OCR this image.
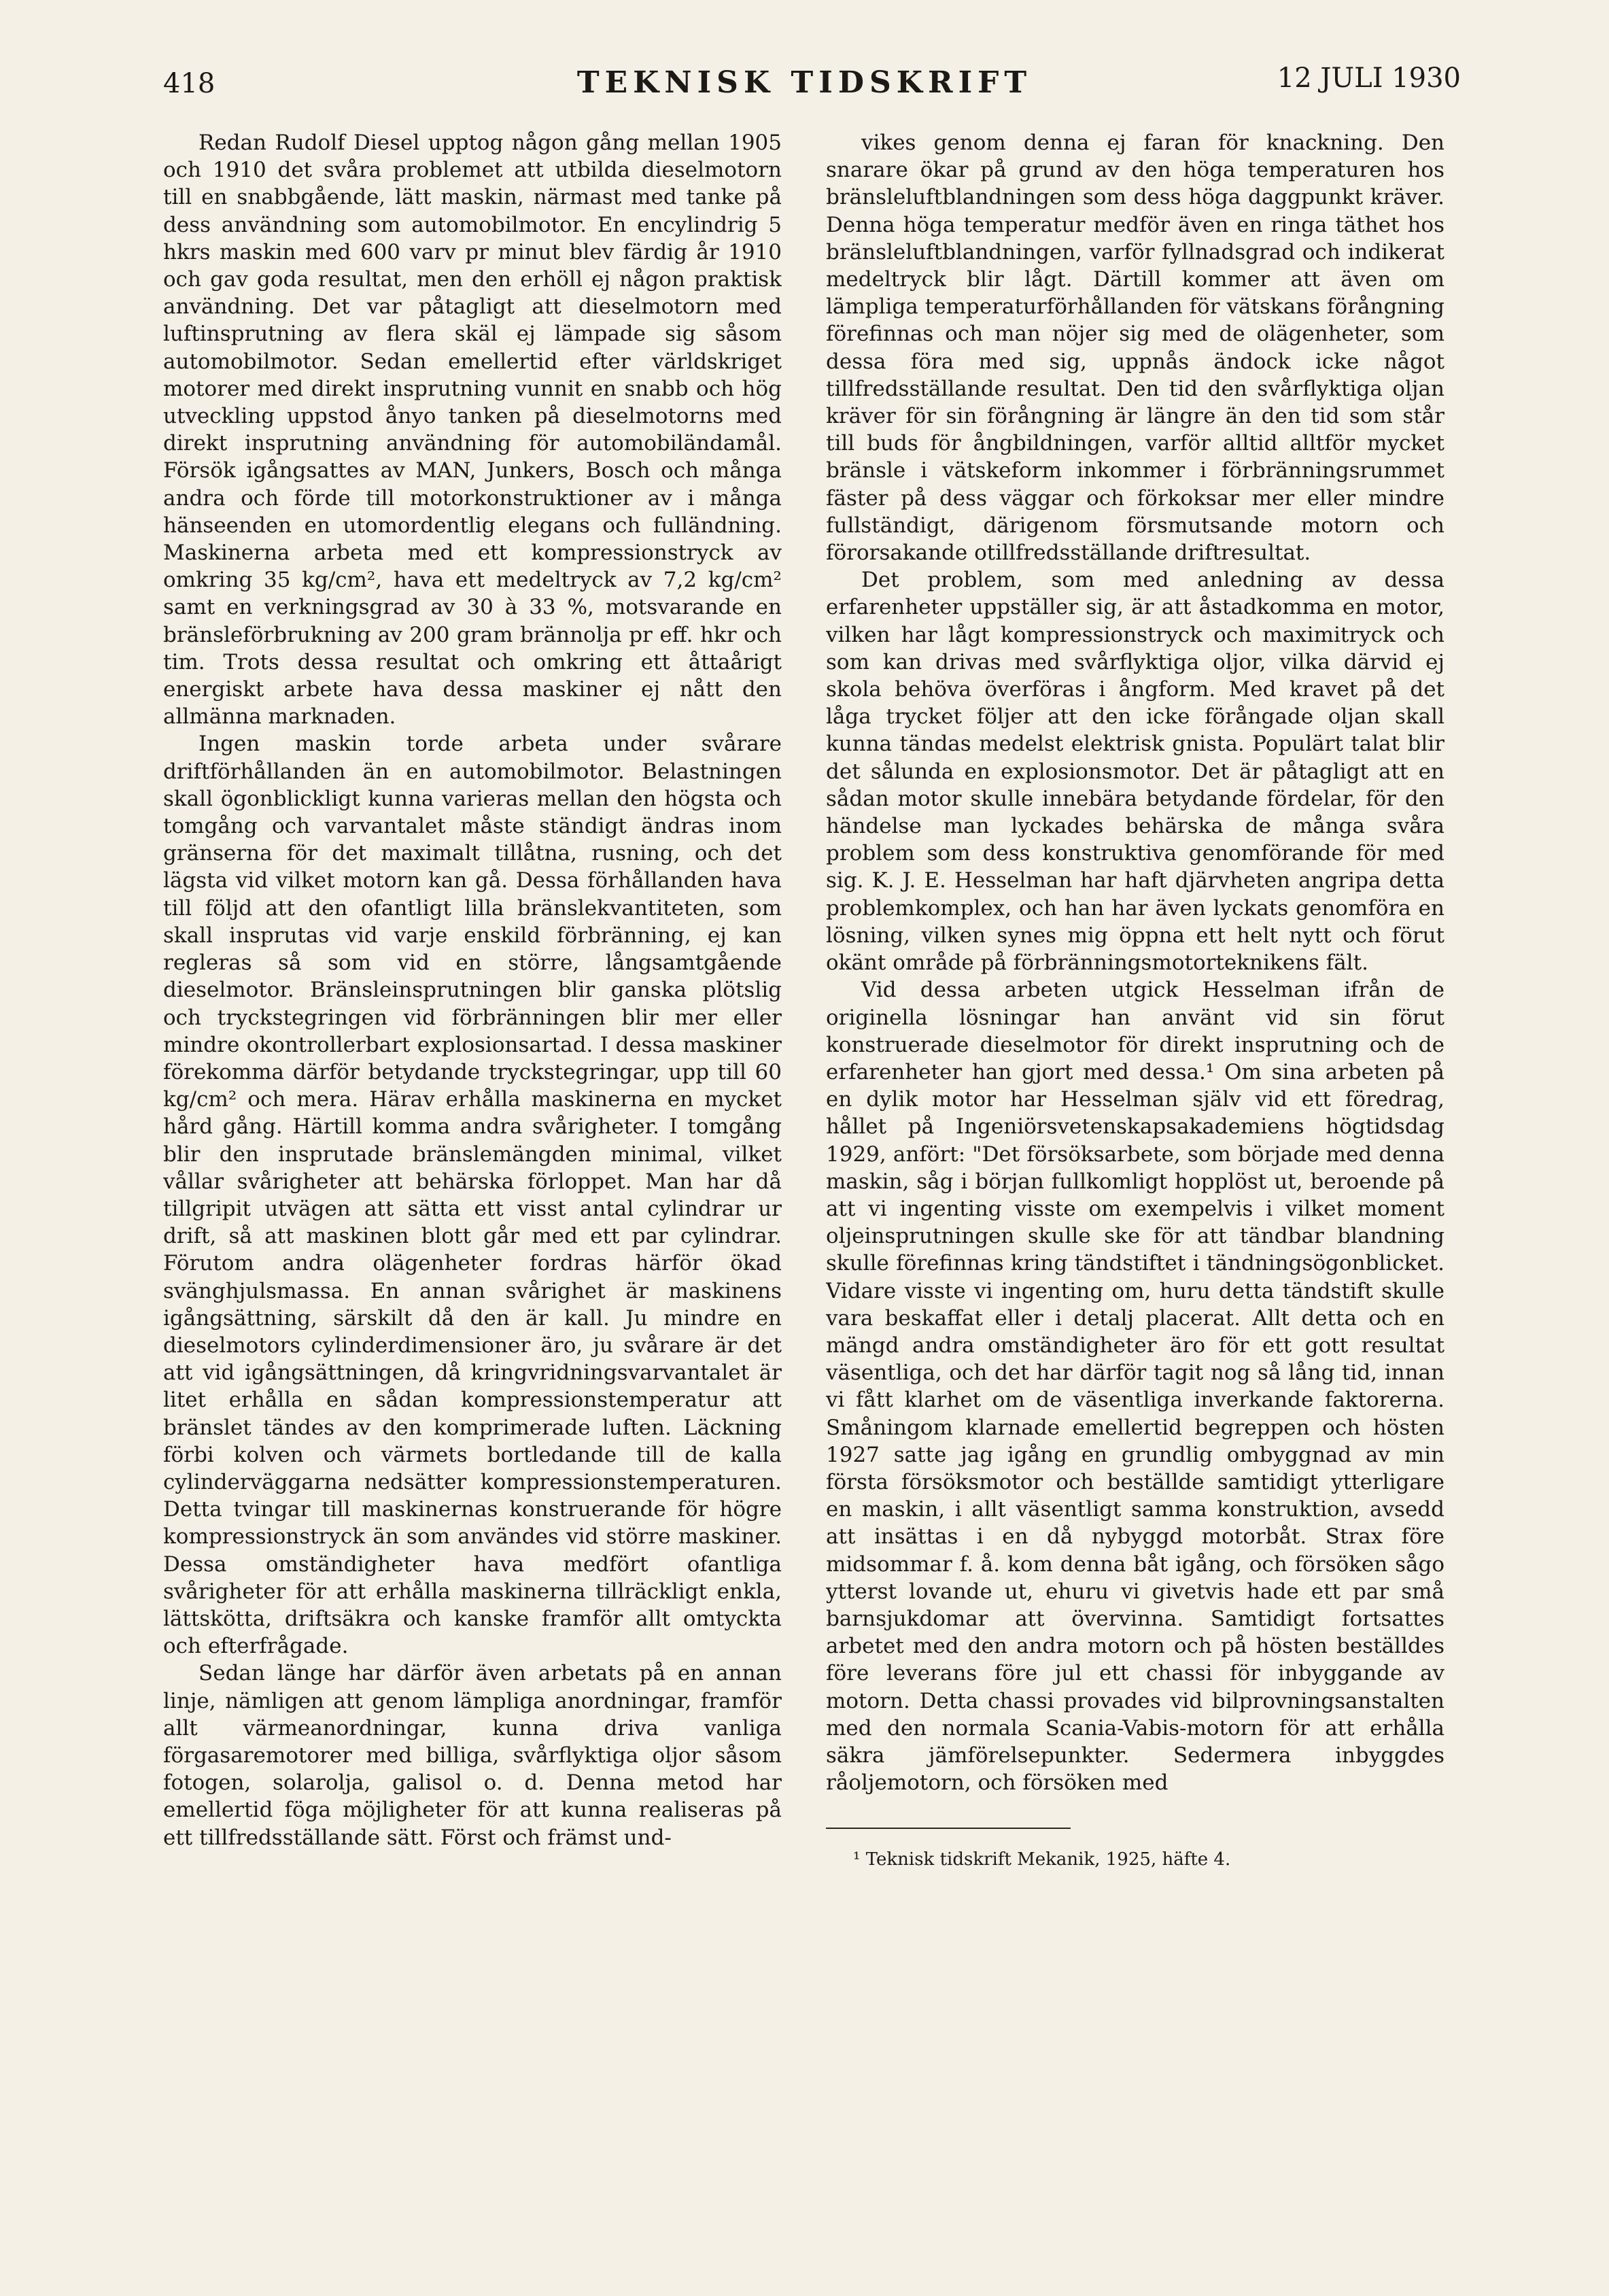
418	TEKNISK TIDSKRIFT	12 JULI 1930

Redan Rudolf Diesel upptog någon gång mellan 1905 och 1910 det svåra problemet att utbilda dieselmotorn till en snabbgående, lätt maskin, närmast med tanke på dess användning som automobilmotor. En encylindrig 5 hkrs maskin med 600 varv pr minut blev färdig år 1910 och gav goda resultat, men den erhöll ej någon praktisk användning. Det var påtagligt att dieselmotorn med luftinsprutning av flera skäl ej lämpade sig såsom automobilmotor. Sedan emellertid efter världskriget motorer med direkt insprutning vunnit en snabb och hög utveckling uppstod ånyo tanken på dieselmotorns med direkt insprutning användning för automobiländamål. Försök igångsattes av MAN, Junkers, Bosch och många andra och förde till motorkonstruktioner av i många hänseenden en utomordentlig elegans och fulländning. Maskinerna arbeta med ett kompressionstryck av omkring 35 kg/cm², hava ett medeltryck av 7,2 kg/cm² samt en verkningsgrad av 30 à 33 %, motsvarande en bränsleförbrukning av 200 gram brännolja pr eff. hkr och tim. Trots dessa resultat och omkring ett åttaårigt energiskt arbete hava dessa maskiner ej nått den allmänna marknaden.

Ingen maskin torde arbeta under svårare driftförhållanden än en automobilmotor. Belastningen skall ögonblickligt kunna varieras mellan den högsta och tomgång och varvantalet måste ständigt ändras inom gränserna för det maximalt tillåtna, rusning, och det lägsta vid vilket motorn kan gå. Dessa förhållanden hava till följd att den ofantligt lilla bränslekvantiteten, som skall insprutas vid varje enskild förbränning, ej kan regleras så som vid en större, långsamtgående dieselmotor. Bränsleinsprutningen blir ganska plötslig och tryckstegringen vid förbränningen blir mer eller mindre okontrollerbart explosionsartad. I dessa maskiner förekomma därför betydande tryckstegringar, upp till 60 kg/cm² och mera. Härav erhålla maskinerna en mycket hård gång. Härtill komma andra svårigheter. I tomgång blir den insprutade bränslemängden minimal, vilket vållar svårigheter att behärska förloppet. Man har då tillgripit utvägen att sätta ett visst antal cylindrar ur drift, så att maskinen blott går med ett par cylindrar. Förutom andra olägenheter fordras härför ökad svänghjulsmassa. En annan svårighet är maskinens igångsättning, särskilt då den är kall. Ju mindre en dieselmotors cylinderdimensioner äro, ju svårare är det att vid igångsättningen, då kringvridningsvarvantalet är litet erhålla en sådan kompressionstemperatur att bränslet tändes av den komprimerade luften. Läckning förbi kolven och värmets bortledande till de kalla cylinderväggarna nedsätter kompressionstemperaturen. Detta tvingar till maskinernas konstruerande för högre kompressionstryck än som användes vid större maskiner. Dessa omständigheter hava medfört ofantliga svårigheter för att erhålla maskinerna tillräckligt enkla, lättskötta, driftsäkra och kanske framför allt omtyckta och efterfrågade.

Sedan länge har därför även arbetats på en annan linje, nämligen att genom lämpliga anordningar, framför allt värmeanordningar, kunna driva vanliga förgasaremotorer med billiga, svårflyktiga oljor såsom fotogen, solarolja, galisol o. d. Denna metod har emellertid föga möjligheter för att kunna realiseras på ett tillfredsställande sätt. Först och främst und-

vikes genom denna ej faran för knackning. Den snarare ökar på grund av den höga temperaturen hos bränsleluftblandningen som dess höga daggpunkt kräver. Denna höga temperatur medför även en ringa täthet hos bränsleluftblandningen, varför fyllnadsgrad och indikerat medeltryck blir lågt. Därtill kommer att även om lämpliga temperaturförhållanden för vätskans förångning förefinnas och man nöjer sig med de olägenheter, som dessa föra med sig, uppnås ändock icke något tillfredsställande resultat. Den tid den svårflyktiga oljan kräver för sin förångning är längre än den tid som står till buds för ångbildningen, varför alltid alltför mycket bränsle i vätskeform inkommer i förbränningsrummet fäster på dess väggar och förkoksar mer eller mindre fullständigt, därigenom försmutsande motorn och förorsakande otillfredsställande driftresultat.

Det problem, som med anledning av dessa erfarenheter uppställer sig, är att åstadkomma en motor, vilken har lågt kompressionstryck och maximitryck och som kan drivas med svårflyktiga oljor, vilka därvid ej skola behöva överföras i ångform. Med kravet på det låga trycket följer att den icke förångade oljan skall kunna tändas medelst elektrisk gnista. Populärt talat blir det sålunda en explosionsmotor. Det är påtagligt att en sådan motor skulle innebära betydande fördelar, för den händelse man lyckades behärska de många svåra problem som dess konstruktiva genomförande för med sig. K. J. E. Hesselman har haft djärvheten angripa detta problemkomplex, och han har även lyckats genomföra en lösning, vilken synes mig öppna ett helt nytt och förut okänt område på förbränningsmotorteknikens fält.

Vid dessa arbeten utgick Hesselman ifrån de originella lösningar han använt vid sin förut konstruerade dieselmotor för direkt insprutning och de erfarenheter han gjort med dessa.¹ Om sina arbeten på en dylik motor har Hesselman själv vid ett föredrag, hållet på Ingeniörsvetenskapsakademiens högtidsdag 1929, anfört: "Det försöksarbete, som började med denna maskin, såg i början fullkomligt hopplöst ut, beroende på att vi ingenting visste om exempelvis i vilket moment oljeinsprutningen skulle ske för att tändbar blandning skulle förefinnas kring tändstiftet i tändningsögonblicket. Vidare visste vi ingenting om, huru detta tändstift skulle vara beskaffat eller i detalj placerat. Allt detta och en mängd andra omständigheter äro för ett gott resultat väsentliga, och det har därför tagit nog så lång tid, innan vi fått klarhet om de väsentliga inverkande faktorerna. Småningom klarnade emellertid begreppen och hösten 1927 satte jag igång en grundlig ombyggnad av min första försöksmotor och beställde samtidigt ytterligare en maskin, i allt väsentligt samma konstruktion, avsedd att insättas i en då nybyggd motorbåt. Strax före midsommar f. å. kom denna båt igång, och försöken sågo ytterst lovande ut, ehuru vi givetvis hade ett par små barnsjukdomar att övervinna. Samtidigt fortsattes arbetet med den andra motorn och på hösten beställdes före leverans före jul ett chassi för inbyggande av motorn. Detta chassi provades vid bilprovningsanstalten med den normala Scania-Vabis-motorn för att erhålla säkra jämförelsepunkter. Sedermera inbyggdes råoljemotorn, och försöken med

¹ Teknisk tidskrift Mekanik, 1925, häfte 4.
